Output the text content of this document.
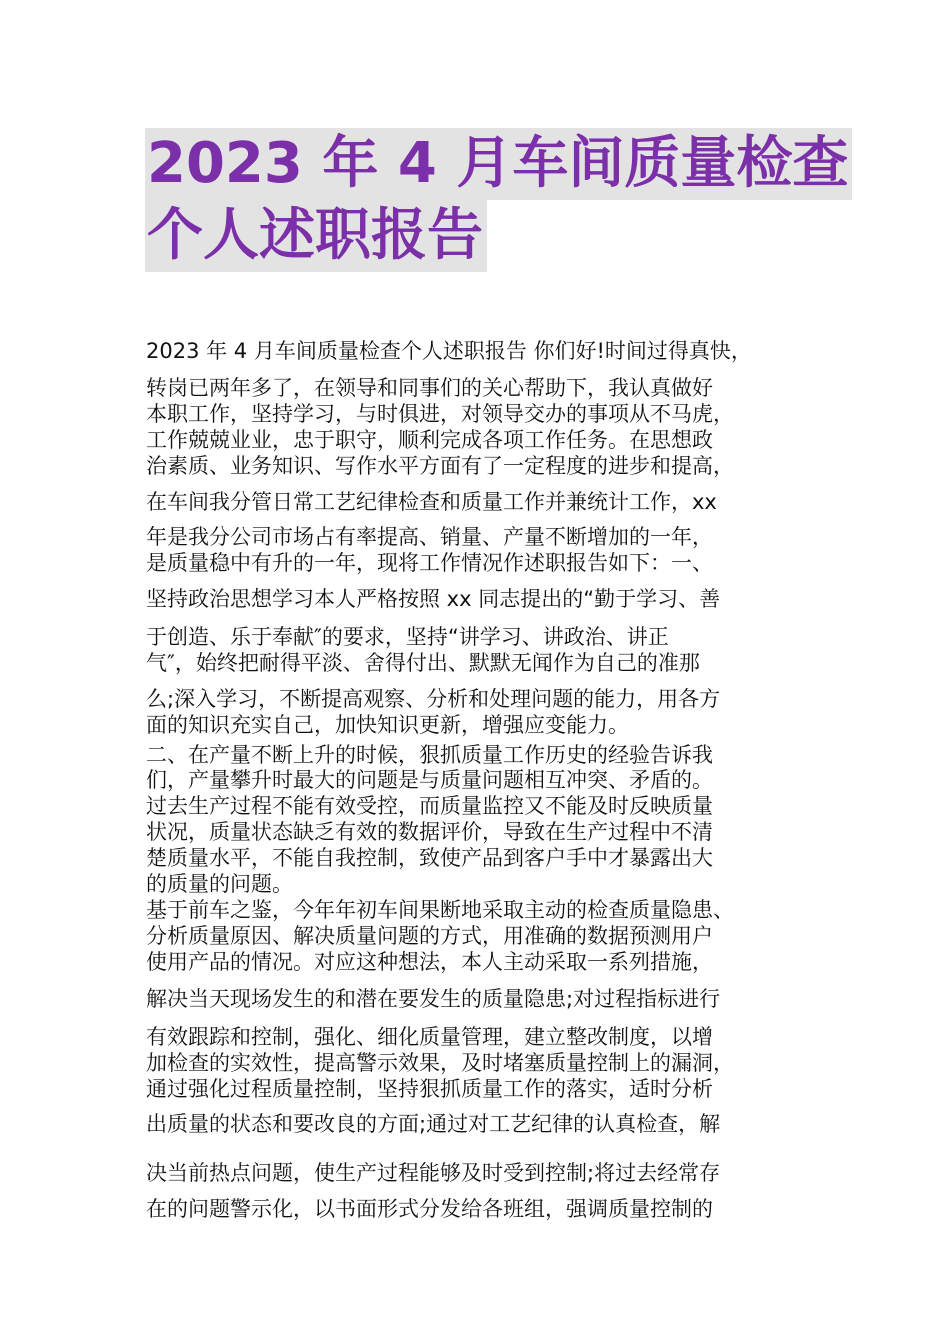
2023 年 4 月车间质量检查
个人述职报告
2023 年 4 月车间质量检查个人述职报告 你们好!时间过得真快，
转岗已两年多了，在领导和同事们的关心帮助下，我认真做好
本职工作，坚持学习，与时俱进，对领导交办的事项从不马虎，
工作兢兢业业，忠于职守，顺利完成各项工作任务。在思想政
治素质、业务知识、写作水平方面有了一定程度的进步和提高，
在车间我分管日常工艺纪律检查和质量工作并兼统计工作，xx
年是我分公司市场占有率提高、销量、产量不断增加的一年，
是质量稳中有升的一年，现将工作情况作述职报告如下：一、
坚持政治思想学习本人严格按照 xx 同志提出的“勤于学习、善
于创造、乐于奉献″的要求，坚持“讲学习、讲政治、讲正
气″，始终把耐得平淡、舍得付出、默默无闻作为自己的准那
么;深入学习，不断提高观察、分析和处理问题的能力，用各方
面的知识充实自己，加快知识更新，增强应变能力。
二、在产量不断上升的时候，狠抓质量工作历史的经验告诉我
们，产量攀升时最大的问题是与质量问题相互冲突、矛盾的。
过去生产过程不能有效受控，而质量监控又不能及时反映质量
状况，质量状态缺乏有效的数据评价，导致在生产过程中不清
楚质量水平，不能自我控制，致使产品到客户手中才暴露出大
的质量的问题。
基于前车之鉴，今年年初车间果断地采取主动的检查质量隐患、
分析质量原因、解决质量问题的方式，用准确的数据预测用户
使用产品的情况。对应这种想法，本人主动采取一系列措施，
解决当天现场发生的和潜在要发生的质量隐患;对过程指标进行
有效跟踪和控制，强化、细化质量管理，建立整改制度，以增
加检查的实效性，提高警示效果，及时堵塞质量控制上的漏洞，
通过强化过程质量控制，坚持狠抓质量工作的落实，适时分析
出质量的状态和要改良的方面;通过对工艺纪律的认真检查，解
决当前热点问题，使生产过程能够及时受到控制;将过去经常存
在的问题警示化，以书面形式分发给各班组，强调质量控制的
